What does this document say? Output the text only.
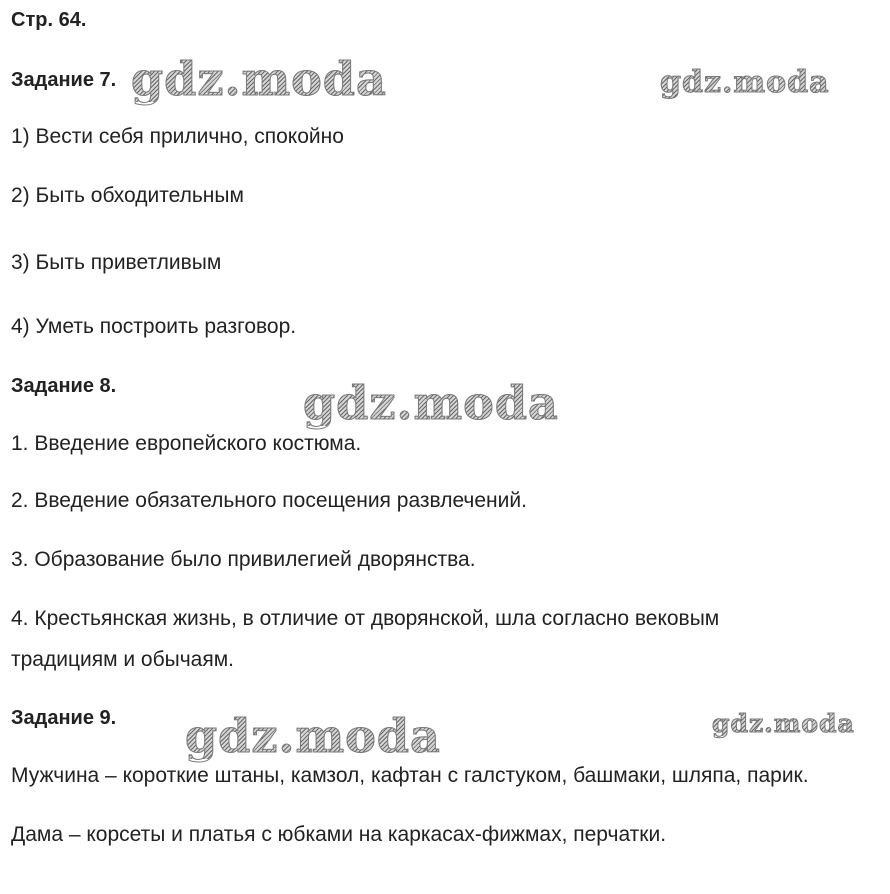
Стр. 64.
Задание 7.
1) Вести себя прилично, спокойно
2) Быть обходительным
3) Быть приветливым
4) Уметь построить разговор.
Задание 8.
1. Введение европейского костюма.
2. Введение обязательного посещения развлечений.
3. Образование было привилегией дворянства.
4. Крестьянская жизнь, в отличие от дворянской, шла согласно вековым
традициям и обычаям.
Задание 9.
Мужчина – короткие штаны, камзол, кафтан с галстуком, башмаки, шляпа, парик.
Дама – корсеты и платья с юбками на каркасах-фижмах, перчатки.
gdz.moda	gdz.moda
gdz.moda
gdz.moda	gdz.moda
